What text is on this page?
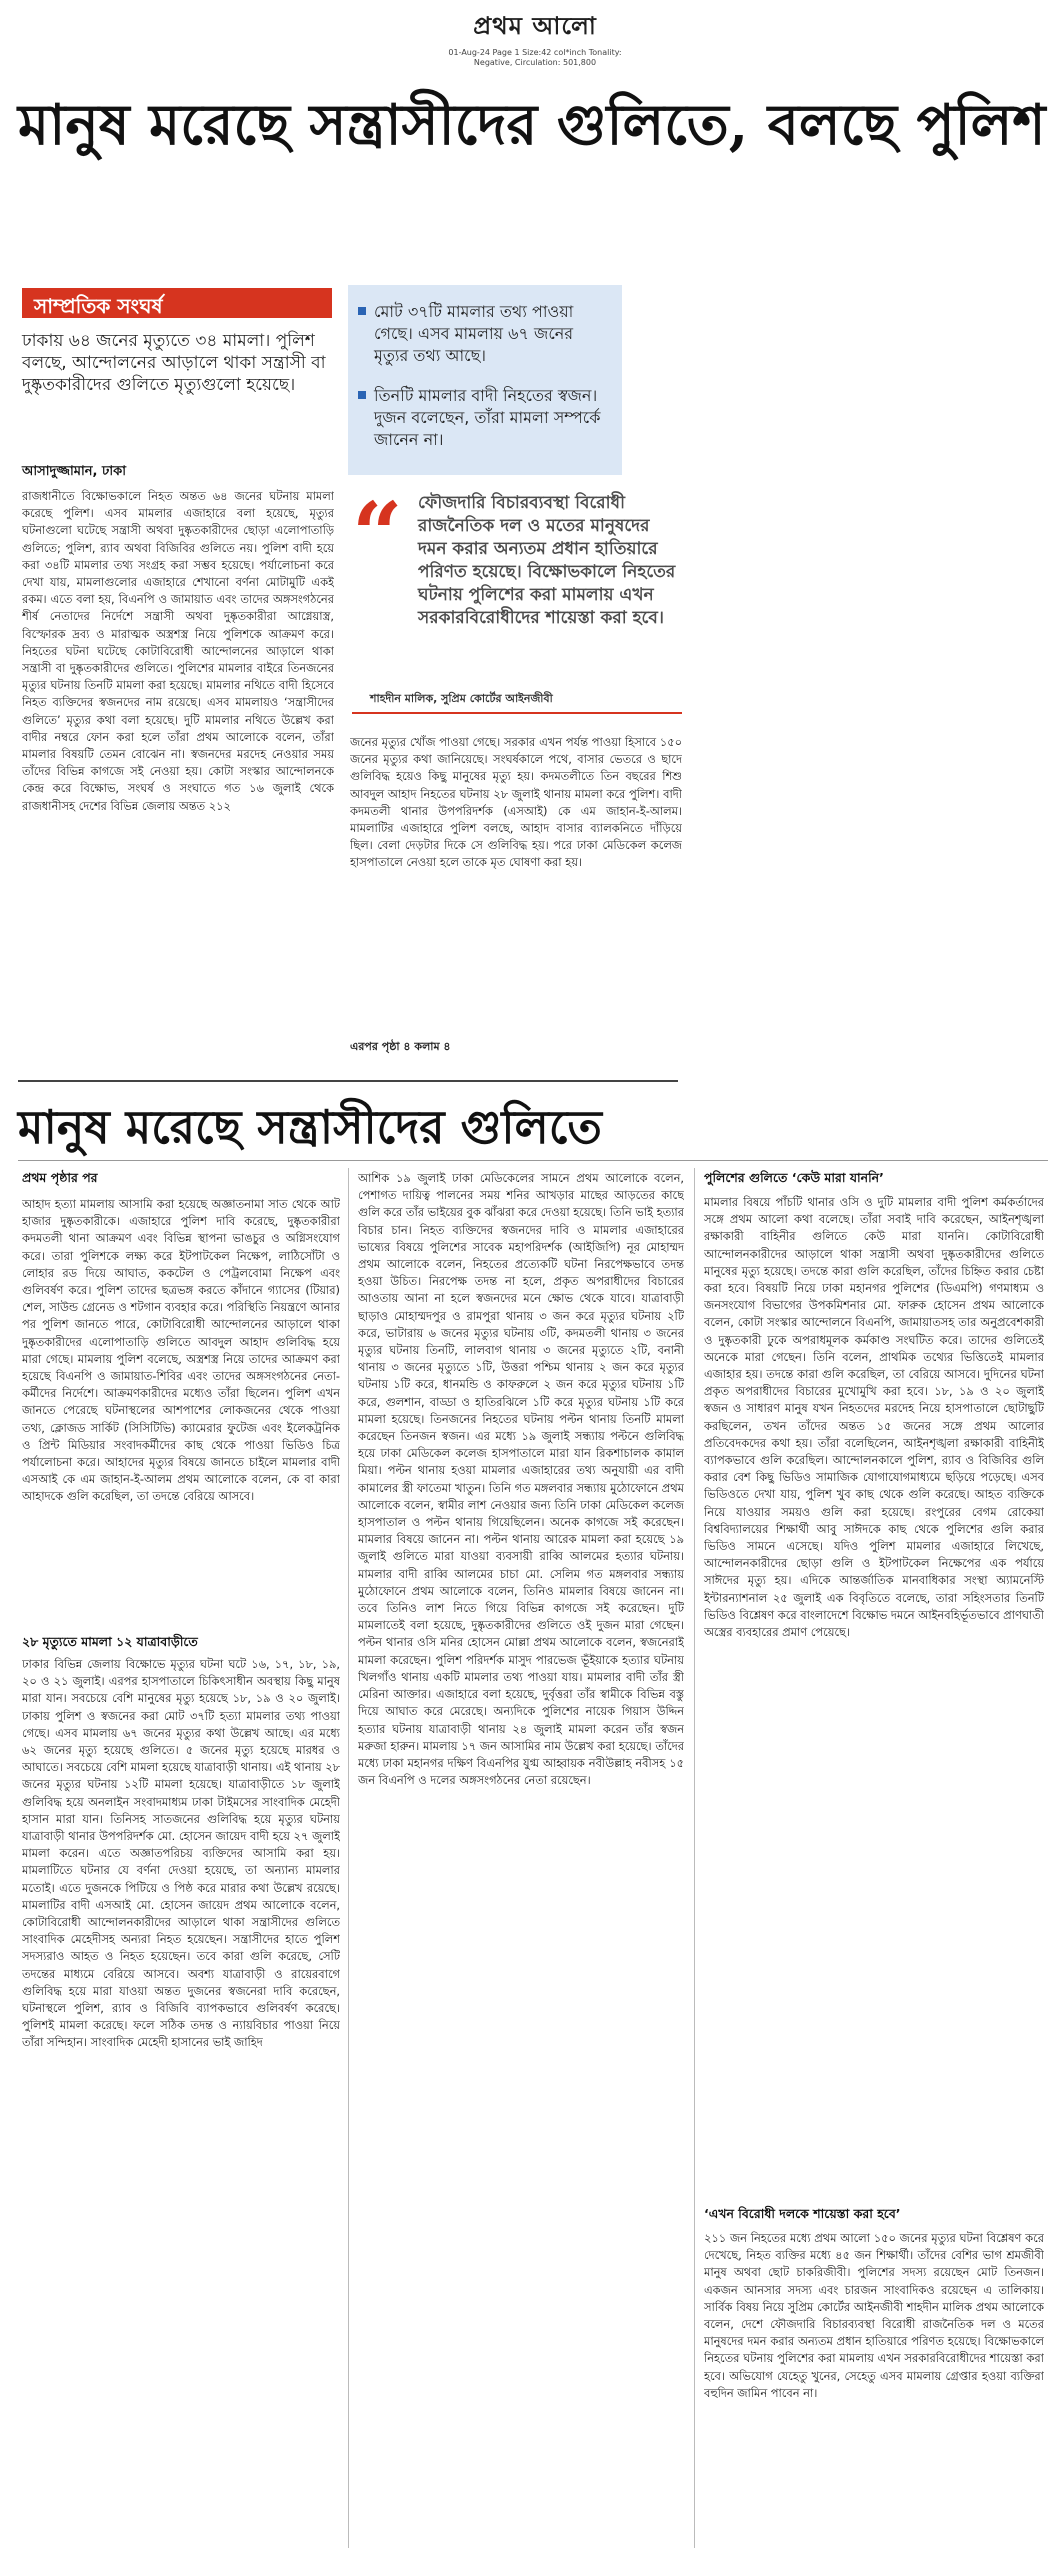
প্রথম আলো
01-Aug-24 Page 1 Size:42 col*inch Tonality: Negative, Circulation: 501,800
মানুষ মরেছে সন্ত্রাসীদের গুলিতে, বলছে পুলিশ
সাম্প্রতিক সংঘর্ষ
ঢাকায় ৬৪ জনের মৃত্যুতে ৩৪ মামলা। পুলিশ বলছে, আন্দোলনের আড়ালে থাকা সন্ত্রাসী বা দুষ্কৃতকারীদের গুলিতে মৃত্যুগুলো হয়েছে।
মোট ৩৭টি মামলার তথ্য পাওয়া গেছে। এসব মামলায় ৬৭ জনের মৃত্যুর তথ্য আছে।
তিনটি মামলার বাদী নিহতের স্বজন। দুজন বলেছেন, তাঁরা মামলা সম্পর্কে জানেন না।
আসাদুজ্জামান, ঢাকা
রাজধানীতে বিক্ষোভকালে নিহত অন্তত ৬৪ জনের ঘটনায় মামলা করেছে পুলিশ। এসব মামলার এজাহারে বলা হয়েছে, মৃত্যুর ঘটনাগুলো ঘটেছে সন্ত্রাসী অথবা দুষ্কৃতকারীদের ছোড়া এলোপাতাড়ি গুলিতে; পুলিশ, র‍্যাব অথবা বিজিবির গুলিতে নয়। পুলিশ বাদী হয়ে করা ৩৪টি মামলার তথ্য সংগ্রহ করা সম্ভব হয়েছে। পর্যালোচনা করে দেখা যায়, মামলাগুলোর এজাহারে শেখানো বর্ণনা মোটামুটি একই রকম। এতে বলা হয়, বিএনপি ও জামায়াত এবং তাদের অঙ্গসংগঠনের শীর্ষ নেতাদের নির্দেশে সন্ত্রাসী অথবা দুষ্কৃতকারীরা আগ্নেয়াস্ত্র, বিস্ফোরক দ্রব্য ও মারাত্মক অস্ত্রশস্ত্র নিয়ে পুলিশকে আক্রমণ করে। নিহতের ঘটনা ঘটেছে কোটাবিরোধী আন্দোলনের আড়ালে থাকা সন্ত্রাসী বা দুষ্কৃতকারীদের গুলিতে। পুলিশের মামলার বাইরে তিনজনের মৃত্যুর ঘটনায় তিনটি মামলা করা হয়েছে। মামলার নথিতে বাদী হিসেবে নিহত ব্যক্তিদের স্বজনদের নাম রয়েছে। এসব মামলায়ও ‘সন্ত্রাসীদের গুলিতে’ মৃত্যুর কথা বলা হয়েছে। দুটি মামলার নথিতে উল্লেখ করা বাদীর নম্বরে ফোন করা হলে তাঁরা প্রথম আলোকে বলেন, তাঁরা মামলার বিষয়টি তেমন বোঝেন না। স্বজনদের মরদেহ নেওয়ার সময় তাঁদের বিভিন্ন কাগজে সই নেওয়া হয়। কোটা সংস্কার আন্দোলনকে কেন্দ্র করে বিক্ষোভ, সংঘর্ষ ও সংঘাতে গত ১৬ জুলাই থেকে রাজধানীসহ দেশের বিভিন্ন জেলায় অন্তত ২১২
“ ফৌজদারি বিচারব্যবস্থা বিরোধী রাজনৈতিক দল ও মতের মানুষদের দমন করার অন্যতম প্রধান হাতিয়ারে পরিণত হয়েছে। বিক্ষোভকালে নিহতের ঘটনায় পুলিশের করা মামলায় এখন সরকারবিরোধীদের শায়েস্তা করা হবে।
শাহদীন মালিক, সুপ্রিম কোর্টের আইনজীবী
জনের মৃত্যুর খোঁজ পাওয়া গেছে। সরকার এখন পর্যন্ত পাওয়া হিসাবে ১৫০ জনের মৃত্যুর কথা জানিয়েছে। সংঘর্ষকালে পথে, বাসার ভেতরে ও ছাদে গুলিবিদ্ধ হয়েও কিছু মানুষের মৃত্যু হয়। কদমতলীতে তিন বছরের শিশু আবদুল আহাদ নিহতের ঘটনায় ২৮ জুলাই থানায় মামলা করে পুলিশ। বাদী কদমতলী থানার উপপরিদর্শক (এসআই) কে এম জাহান-ই-আলম। মামলাটির এজাহারে পুলিশ বলছে, আহাদ বাসার ব্যালকনিতে দাঁড়িয়ে ছিল। বেলা দেড়টার দিকে সে গুলিবিদ্ধ হয়। পরে ঢাকা মেডিকেল কলেজ হাসপাতালে নেওয়া হলে তাকে মৃত ঘোষণা করা হয়।
এরপর পৃষ্ঠা ৪ কলাম ৪
মানুষ মরেছে সন্ত্রাসীদের গুলিতে
প্রথম পৃষ্ঠার পর
আহাদ হত্যা মামলায় আসামি করা হয়েছে অজ্ঞাতনামা সাত থেকে আট হাজার দুষ্কৃতকারীকে। এজাহারে পুলিশ দাবি করেছে, দুষ্কৃতকারীরা কদমতলী থানা আক্রমণ এবং বিভিন্ন স্থাপনা ভাঙচুর ও অগ্নিসংযোগ করে। তারা পুলিশকে লক্ষ্য করে ইটপাটকেল নিক্ষেপ, লাঠিসোঁটা ও লোহার রড দিয়ে আঘাত, ককটেল ও পেট্রলবোমা নিক্ষেপ এবং গুলিবর্ষণ করে। পুলিশ তাদের ছত্রভঙ্গ করতে কাঁদানে গ্যাসের (টিয়ার) শেল, সাউন্ড গ্রেনেড ও শটগান ব্যবহার করে। পরিস্থিতি নিয়ন্ত্রণে আনার পর পুলিশ জানতে পারে, কোটাবিরোধী আন্দোলনের আড়ালে থাকা দুষ্কৃতকারীদের এলোপাতাড়ি গুলিতে আবদুল আহাদ গুলিবিদ্ধ হয়ে মারা গেছে। মামলায় পুলিশ বলেছে, অস্ত্রশস্ত্র নিয়ে তাদের আক্রমণ করা হয়েছে বিএনপি ও জামায়াত-শিবির এবং তাদের অঙ্গসংগঠনের নেতা-কর্মীদের নির্দেশে। আক্রমণকারীদের মধ্যেও তাঁরা ছিলেন। পুলিশ এখন জানতে পেরেছে ঘটনাস্থলের আশপাশের লোকজনের থেকে পাওয়া তথ্য, ক্লোজড সার্কিট (সিসিটিভি) ক্যামেরার ফুটেজ এবং ইলেকট্রনিক ও প্রিন্ট মিডিয়ার সংবাদকর্মীদের কাছ থেকে পাওয়া ভিডিও চিত্র পর্যালোচনা করে। আহাদের মৃত্যুর বিষয়ে জানতে চাইলে মামলার বাদী এসআই কে এম জাহান-ই-আলম প্রথম আলোকে বলেন, কে বা কারা আহাদকে গুলি করেছিল, তা তদন্তে বেরিয়ে আসবে।
২৮ মৃত্যুতে মামলা ১২ যাত্রাবাড়ীতে
ঢাকার বিভিন্ন জেলায় বিক্ষোভে মৃত্যুর ঘটনা ঘটে ১৬, ১৭, ১৮, ১৯, ২০ ও ২১ জুলাই। এরপর হাসপাতালে চিকিৎসাধীন অবস্থায় কিছু মানুষ মারা যান। সবচেয়ে বেশি মানুষের মৃত্যু হয়েছে ১৮, ১৯ ও ২০ জুলাই। ঢাকায় পুলিশ ও স্বজনের করা মোট ৩৭টি হত্যা মামলার তথ্য পাওয়া গেছে। এসব মামলায় ৬৭ জনের মৃত্যুর কথা উল্লেখ আছে। এর মধ্যে ৬২ জনের মৃত্যু হয়েছে গুলিতে। ৫ জনের মৃত্যু হয়েছে মারধর ও আঘাতে। সবচেয়ে বেশি মামলা হয়েছে যাত্রাবাড়ী থানায়। এই থানায় ২৮ জনের মৃত্যুর ঘটনায় ১২টি মামলা হয়েছে। যাত্রাবাড়ীতে ১৮ জুলাই গুলিবিদ্ধ হয়ে অনলাইন সংবাদমাধ্যম ঢাকা টাইমসের সাংবাদিক মেহেদী হাসান মারা যান। তিনিসহ সাতজনের গুলিবিদ্ধ হয়ে মৃত্যুর ঘটনায় যাত্রাবাড়ী থানার উপপরিদর্শক মো. হোসেন জায়েদ বাদী হয়ে ২৭ জুলাই মামলা করেন। এতে অজ্ঞাতপরিচয় ব্যক্তিদের আসামি করা হয়। মামলাটিতে ঘটনার যে বর্ণনা দেওয়া হয়েছে, তা অন্যান্য মামলার মতোই। এতে দুজনকে পিটিয়ে ও পিষ্ঠ করে মারার কথা উল্লেখ রয়েছে। মামলাটির বাদী এসআই মো. হোসেন জায়েদ প্রথম আলোকে বলেন, কোটাবিরোধী আন্দোলনকারীদের আড়ালে থাকা সন্ত্রাসীদের গুলিতে সাংবাদিক মেহেদীসহ অন্যরা নিহত হয়েছেন। সন্ত্রাসীদের হাতে পুলিশ সদস্যরাও আহত ও নিহত হয়েছেন। তবে কারা গুলি করেছে, সেটি তদন্তের মাধ্যমে বেরিয়ে আসবে। অবশ্য যাত্রাবাড়ী ও রায়েরবাগে গুলিবিদ্ধ হয়ে মারা যাওয়া অন্তত দুজনের স্বজনেরা দাবি করেছেন, ঘটনাস্থলে পুলিশ, র‍্যাব ও বিজিবি ব্যাপকভাবে গুলিবর্ষণ করেছে। পুলিশই মামলা করেছে। ফলে সঠিক তদন্ত ও ন্যায়বিচার পাওয়া নিয়ে তাঁরা সন্দিহান। সাংবাদিক মেহেদী হাসানের ভাই জাহিদ
আশিক ১৯ জুলাই ঢাকা মেডিকেলের সামনে প্রথম আলোকে বলেন, পেশাগত দায়িত্ব পালনের সময় শনির আখড়ার মাছের আড়তের কাছে গুলি করে তাঁর ভাইয়ের বুক ঝাঁঝরা করে দেওয়া হয়েছে। তিনি ভাই হত্যার বিচার চান। নিহত ব্যক্তিদের স্বজনদের দাবি ও মামলার এজাহারের ভাষ্যের বিষয়ে পুলিশের সাবেক মহাপরিদর্শক (আইজিপি) নূর মোহাম্মদ প্রথম আলোকে বলেন, নিহতের প্রত্যেকটি ঘটনা নিরপেক্ষভাবে তদন্ত হওয়া উচিত। নিরপেক্ষ তদন্ত না হলে, প্রকৃত অপরাধীদের বিচারের আওতায় আনা না হলে স্বজনদের মনে ক্ষোভ থেকে যাবে। যাত্রাবাড়ী ছাড়াও মোহাম্মদপুর ও রামপুরা থানায় ৩ জন করে মৃত্যুর ঘটনায় ২টি করে, ভাটারায় ৬ জনের মৃত্যুর ঘটনায় ৩টি, কদমতলী থানায় ৩ জনের মৃত্যুর ঘটনায় তিনটি, লালবাগ থানায় ৩ জনের মৃত্যুতে ২টি, বনানী থানায় ৩ জনের মৃত্যুতে ১টি, উত্তরা পশ্চিম থানায় ২ জন করে মৃত্যুর ঘটনায় ১টি করে, ধানমন্ডি ও কাফরুলে ২ জন করে মৃত্যুর ঘটনায় ১টি করে, গুলশান, বাড্ডা ও হাতিরঝিলে ১টি করে মৃত্যুর ঘটনায় ১টি করে মামলা হয়েছে। তিনজনের নিহতের ঘটনায় পল্টন থানায় তিনটি মামলা করেছেন তিনজন স্বজন। এর মধ্যে ১৯ জুলাই সন্ধ্যায় পল্টনে গুলিবিদ্ধ হয়ে ঢাকা মেডিকেল কলেজ হাসপাতালে মারা যান রিকশাচালক কামাল মিয়া। পল্টন থানায় হওয়া মামলার এজাহারের তথ্য অনুযায়ী এর বাদী কামালের স্ত্রী ফাতেমা খাতুন। তিনি গত মঙ্গলবার সন্ধ্যায় মুঠোফোনে প্রথম আলোকে বলেন, স্বামীর লাশ নেওয়ার জন্য তিনি ঢাকা মেডিকেল কলেজ হাসপাতাল ও পল্টন থানায় গিয়েছিলেন। অনেক কাগজে সই করেছেন। মামলার বিষয়ে জানেন না। পল্টন থানায় আরেক মামলা করা হয়েছে ১৯ জুলাই গুলিতে মারা যাওয়া ব্যবসায়ী রাব্বি আলমের হত্যার ঘটনায়। মামলার বাদী রাব্বি আলমের চাচা মো. সেলিম গত মঙ্গলবার সন্ধ্যায় মুঠোফোনে প্রথম আলোকে বলেন, তিনিও মামলার বিষয়ে জানেন না। তবে তিনিও লাশ নিতে গিয়ে বিভিন্ন কাগজে সই করেছেন। দুটি মামলাতেই বলা হয়েছে, দুষ্কৃতকারীদের গুলিতে ওই দুজন মারা গেছেন। পল্টন থানার ওসি মনির হোসেন মোল্লা প্রথম আলোকে বলেন, স্বজনেরাই মামলা করেছেন। পুলিশ পরিদর্শক মাসুদ পারভেজ ভূঁইয়াকে হত্যার ঘটনায় খিলগাঁও থানায় একটি মামলার তথ্য পাওয়া যায়। মামলার বাদী তাঁর স্ত্রী মেরিনা আক্তার। এজাহারে বলা হয়েছে, দুর্বৃত্তরা তাঁর স্বামীকে বিভিন্ন বস্তু দিয়ে আঘাত করে মেরেছে। অন্যদিকে পুলিশের নায়েক গিয়াস উদ্দিন হত্যার ঘটনায় যাত্রাবাড়ী থানায় ২৪ জুলাই মামলা করেন তাঁর স্বজন মরুজা হারুন। মামলায় ১৭ জন আসামির নাম উল্লেখ করা হয়েছে। তাঁদের মধ্যে ঢাকা মহানগর দক্ষিণ বিএনপির যুগ্ম আহ্বায়ক নবীউল্লাহ নবীসহ ১৫ জন বিএনপি ও দলের অঙ্গসংগঠনের নেতা রয়েছেন।
পুলিশের গুলিতে ‘কেউ মারা যাননি’
মামলার বিষয়ে পাঁচটি থানার ওসি ও দুটি মামলার বাদী পুলিশ কর্মকর্তাদের সঙ্গে প্রথম আলো কথা বলেছে। তাঁরা সবাই দাবি করেছেন, আইনশৃঙ্খলা রক্ষাকারী বাহিনীর গুলিতে কেউ মারা যাননি। কোটাবিরোধী আন্দোলনকারীদের আড়ালে থাকা সন্ত্রাসী অথবা দুষ্কৃতকারীদের গুলিতে মানুষের মৃত্যু হয়েছে। তদন্তে কারা গুলি করেছিল, তাঁদের চিহ্নিত করার চেষ্টা করা হবে। বিষয়টি নিয়ে ঢাকা মহানগর পুলিশের (ডিএমপি) গণমাধ্যম ও জনসংযোগ বিভাগের উপকমিশনার মো. ফারুক হোসেন প্রথম আলোকে বলেন, কোটা সংস্কার আন্দোলনে বিএনপি, জামায়াতসহ তার অনুপ্রবেশকারী ও দুষ্কৃতকারী ঢুকে অপরাধমূলক কর্মকাণ্ড সংঘটিত করে। তাদের গুলিতেই অনেকে মারা গেছেন। তিনি বলেন, প্রাথমিক তথ্যের ভিত্তিতেই মামলার এজাহার হয়। তদন্তে কারা গুলি করেছিল, তা বেরিয়ে আসবে। দুদিনের ঘটনা প্রকৃত অপরাধীদের বিচারের মুখোমুখি করা হবে। ১৮, ১৯ ও ২০ জুলাই স্বজন ও সাধারণ মানুষ যখন নিহতদের মরদেহ নিয়ে হাসপাতালে ছোটাছুটি করছিলেন, তখন তাঁদের অন্তত ১৫ জনের সঙ্গে প্রথম আলোর প্রতিবেদকদের কথা হয়। তাঁরা বলেছিলেন, আইনশৃঙ্খলা রক্ষাকারী বাহিনীই ব্যাপকভাবে গুলি করেছিল। আন্দোলনকালে পুলিশ, র‍্যাব ও বিজিবির গুলি করার বেশ কিছু ভিডিও সামাজিক যোগাযোগমাধ্যমে ছড়িয়ে পড়েছে। এসব ভিডিওতে দেখা যায়, পুলিশ খুব কাছ থেকে গুলি করেছে। আহত ব্যক্তিকে নিয়ে যাওয়ার সময়ও গুলি করা হয়েছে। রংপুরের বেগম রোকেয়া বিশ্ববিদ্যালয়ের শিক্ষার্থী আবু সাঈদকে কাছ থেকে পুলিশের গুলি করার ভিডিও সামনে এসেছে। যদিও পুলিশ মামলার এজাহারে লিখেছে, আন্দোলনকারীদের ছোড়া গুলি ও ইটপাটকেল নিক্ষেপের এক পর্যায়ে সাঈদের মৃত্যু হয়। এদিকে আন্তর্জাতিক মানবাধিকার সংস্থা অ্যামনেস্টি ইন্টারন্যাশনাল ২৫ জুলাই এক বিবৃতিতে বলেছে, তারা সহিংসতার তিনটি ভিডিও বিশ্লেষণ করে বাংলাদেশে বিক্ষোভ দমনে আইনবহির্ভূতভাবে প্রাণঘাতী অস্ত্রের ব্যবহারের প্রমাণ পেয়েছে।
‘এখন বিরোধী দলকে শায়েস্তা করা হবে’
২১১ জন নিহতের মধ্যে প্রথম আলো ১৫০ জনের মৃত্যুর ঘটনা বিশ্লেষণ করে দেখেছে, নিহত ব্যক্তির মধ্যে ৪৫ জন শিক্ষার্থী। তাঁদের বেশির ভাগ শ্রমজীবী মানুষ অথবা ছোট চাকরিজীবী। পুলিশের সদস্য রয়েছেন মোট তিনজন। একজন আনসার সদস্য এবং চারজন সাংবাদিকও রয়েছেন এ তালিকায়। সার্বিক বিষয় নিয়ে সুপ্রিম কোর্টের আইনজীবী শাহদীন মালিক প্রথম আলোকে বলেন, দেশে ফৌজদারি বিচারব্যবস্থা বিরোধী রাজনৈতিক দল ও মতের মানুষদের দমন করার অন্যতম প্রধান হাতিয়ারে পরিণত হয়েছে। বিক্ষোভকালে নিহতের ঘটনায় পুলিশের করা মামলায় এখন সরকারবিরোধীদের শায়েস্তা করা হবে। অভিযোগ যেহেতু খুনের, সেহেতু এসব মামলায় গ্রেপ্তার হওয়া ব্যক্তিরা বহুদিন জামিন পাবেন না।
